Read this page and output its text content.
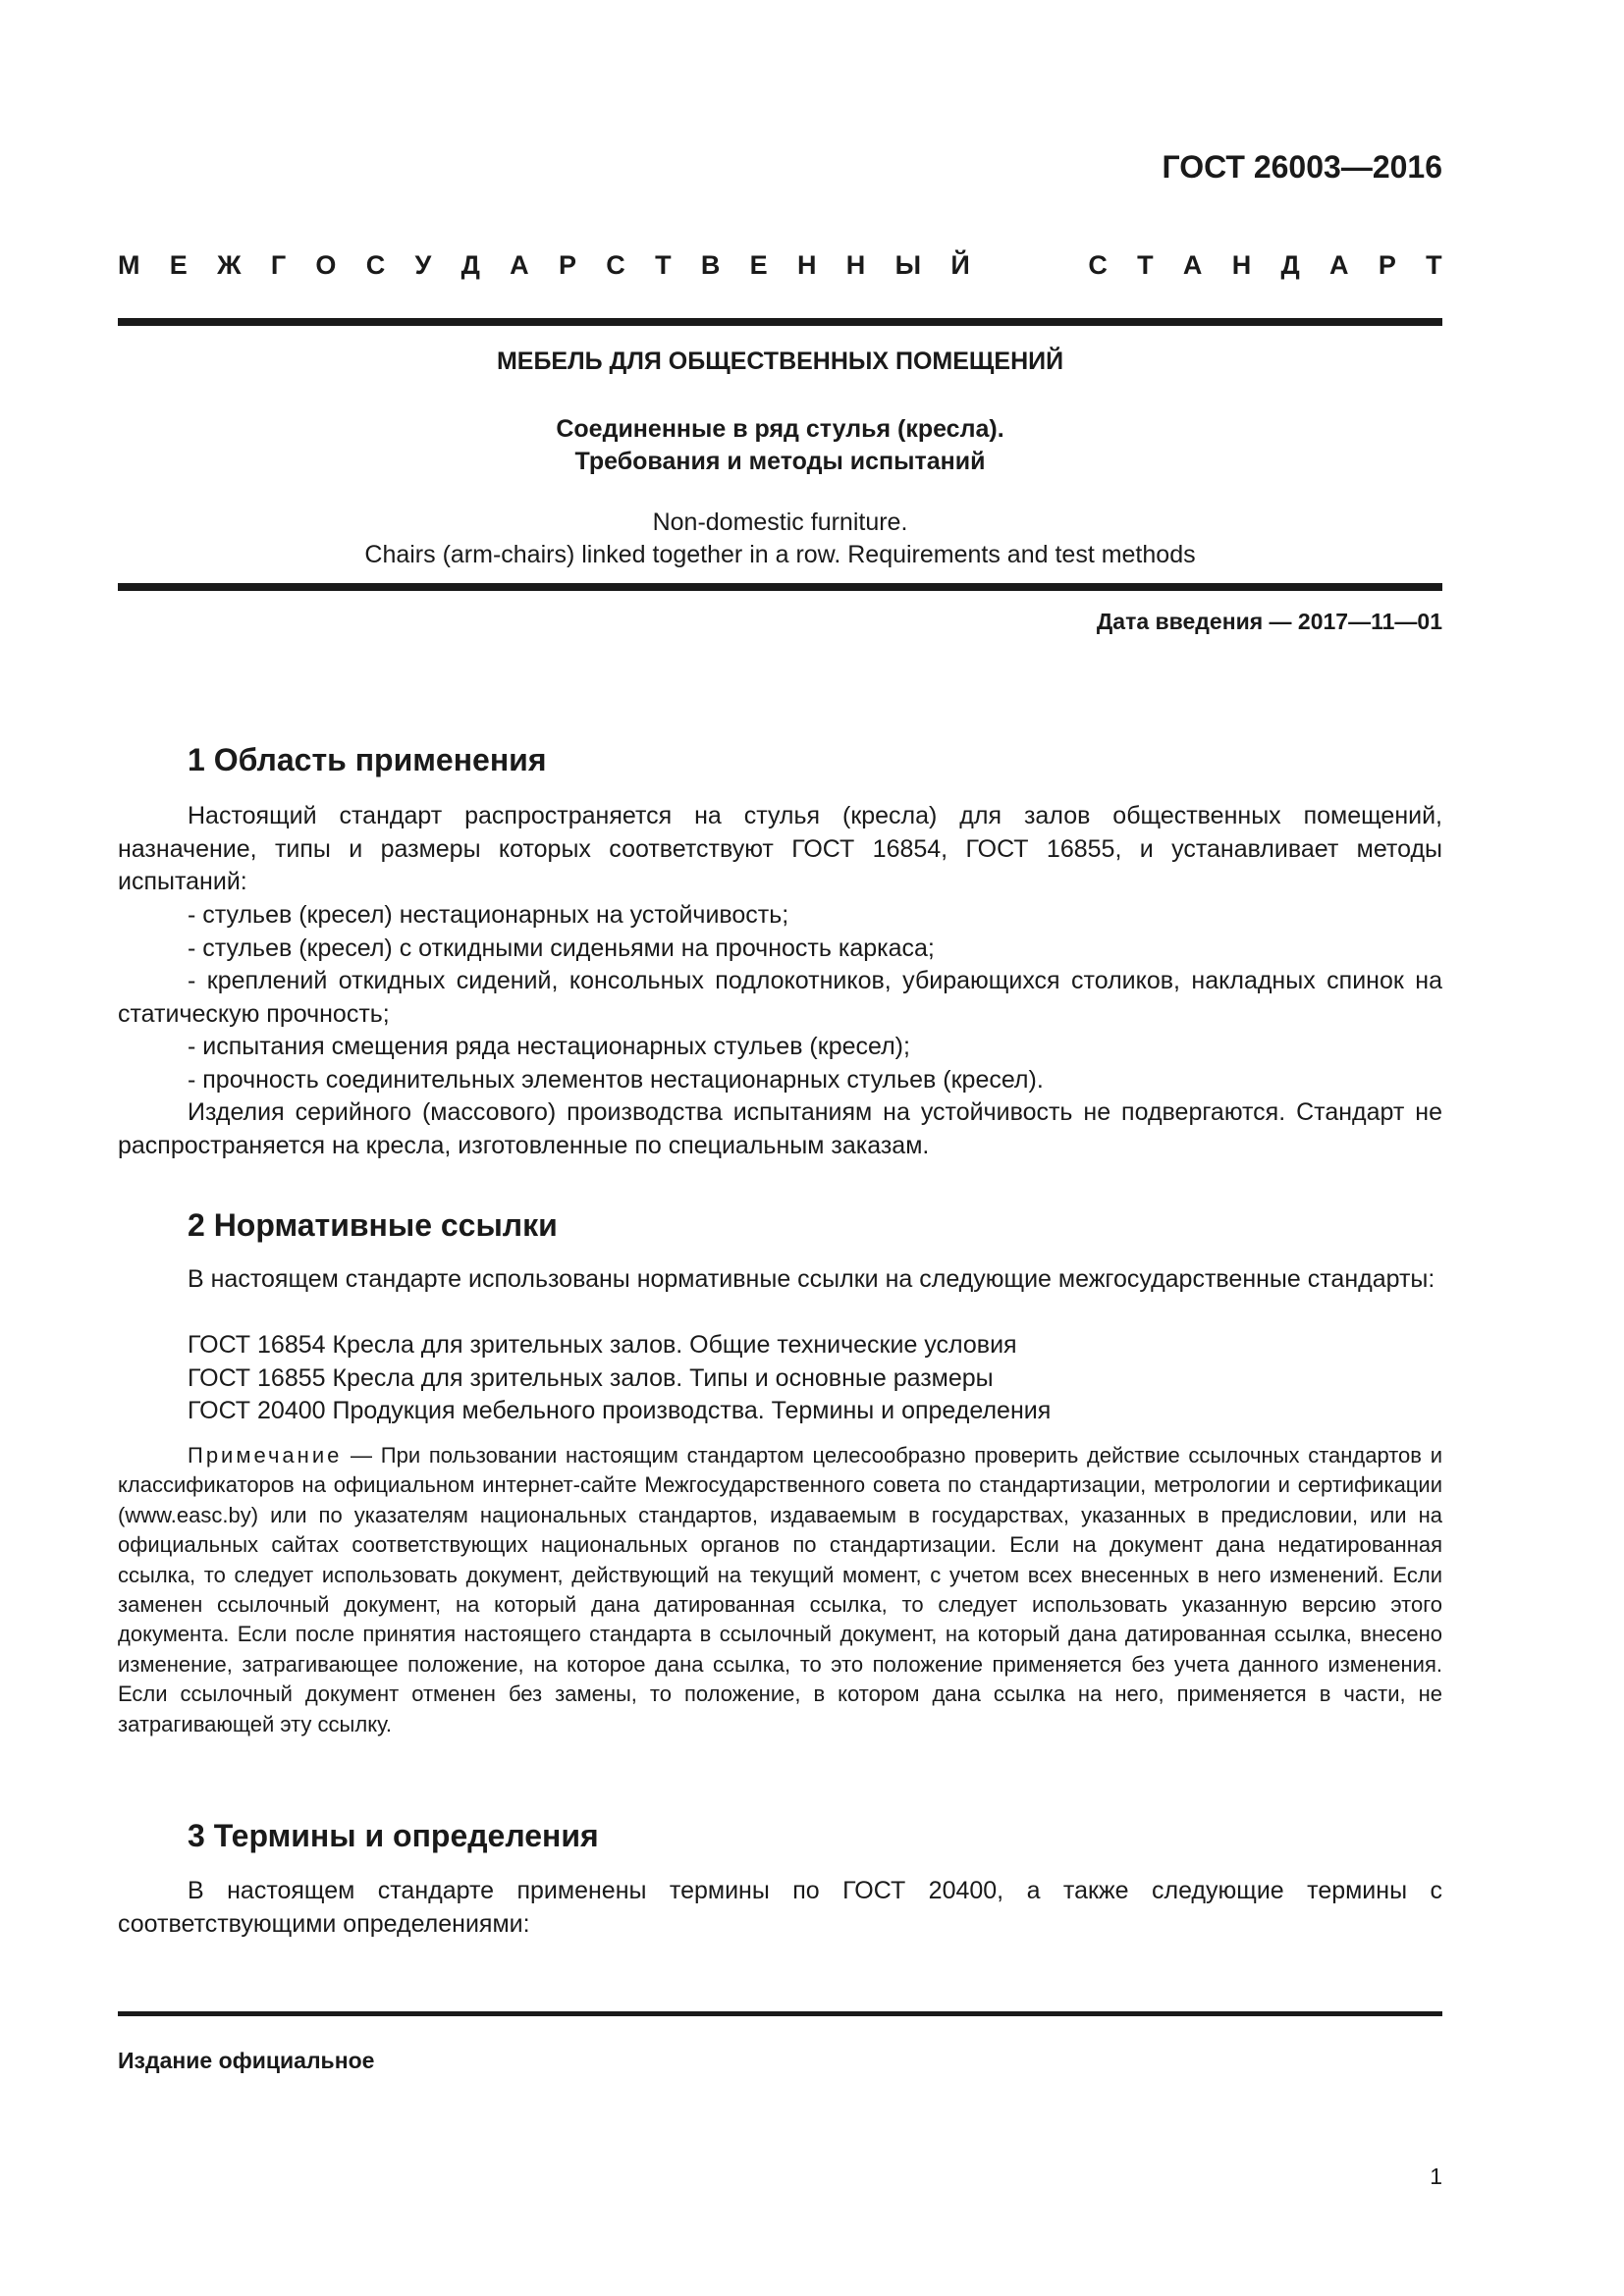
ГОСТ 26003—2016
М Е Ж Г О С У Д А Р С Т В Е Н Н Ы Й	С Т А Н Д А Р Т
МЕБЕЛЬ ДЛЯ ОБЩЕСТВЕННЫХ ПОМЕЩЕНИЙ
Соединенные в ряд стулья (кресла).
Требования и методы испытаний
Non-domestic furniture.
Chairs (arm-chairs) linked together in a row. Requirements and test methods
Дата введения — 2017—11—01
1 Область применения

Настоящий стандарт распространяется на стулья (кресла) для залов общественных помещений, назначение, типы и размеры которых соответствуют ГОСТ 16854, ГОСТ 16855, и устанавливает методы испытаний:

- стульев (кресел) нестационарных на устойчивость;
- стульев (кресел) с откидными сиденьями на прочность каркаса;

- креплений откидных сидений, консольных подлокотников, убирающихся столиков, накладных спинок на статическую прочность;

- испытания смещения ряда нестационарных стульев (кресел);
- прочность соединительных элементов нестационарных стульев (кресел).

Изделия серийного (массового) производства испытаниям на устойчивость не подвергаются. Стандарт не распространяется на кресла, изготовленные по специальным заказам.

2 Нормативные ссылки

В настоящем стандарте использованы нормативные ссылки на следующие межгосударственные стандарты:

ГОСТ 16854 Кресла для зрительных залов. Общие технические условия
ГОСТ 16855 Кресла для зрительных залов. Типы и основные размеры
ГОСТ 20400 Продукция мебельного производства. Термины и определения

Примечание — При пользовании настоящим стандартом целесообразно проверить действие ссылочных стандартов и классификаторов на официальном интернет-сайте Межгосударственного совета по стандартизации, метрологии и сертификации (www.easc.by) или по указателям национальных стандартов, издаваемым в государствах, указанных в предисловии, или на официальных сайтах соответствующих национальных органов по стандартизации. Если на документ дана недатированная ссылка, то следует использовать документ, действующий на текущий момент, с учетом всех внесенных в него изменений. Если заменен ссылочный документ, на который дана датированная ссылка, то следует использовать указанную версию этого документа. Если после принятия настоящего стандарта в ссылочный документ, на который дана датированная ссылка, внесено изменение, затрагивающее положение, на которое дана ссылка, то это положение применяется без учета данного изменения. Если ссылочный документ отменен без замены, то положение, в котором дана ссылка на него, применяется в части, не затрагивающей эту ссылку.

3 Термины и определения

В настоящем стандарте применены термины по ГОСТ 20400, а также следующие термины с соответствующими определениями:

Издание официальное
1
